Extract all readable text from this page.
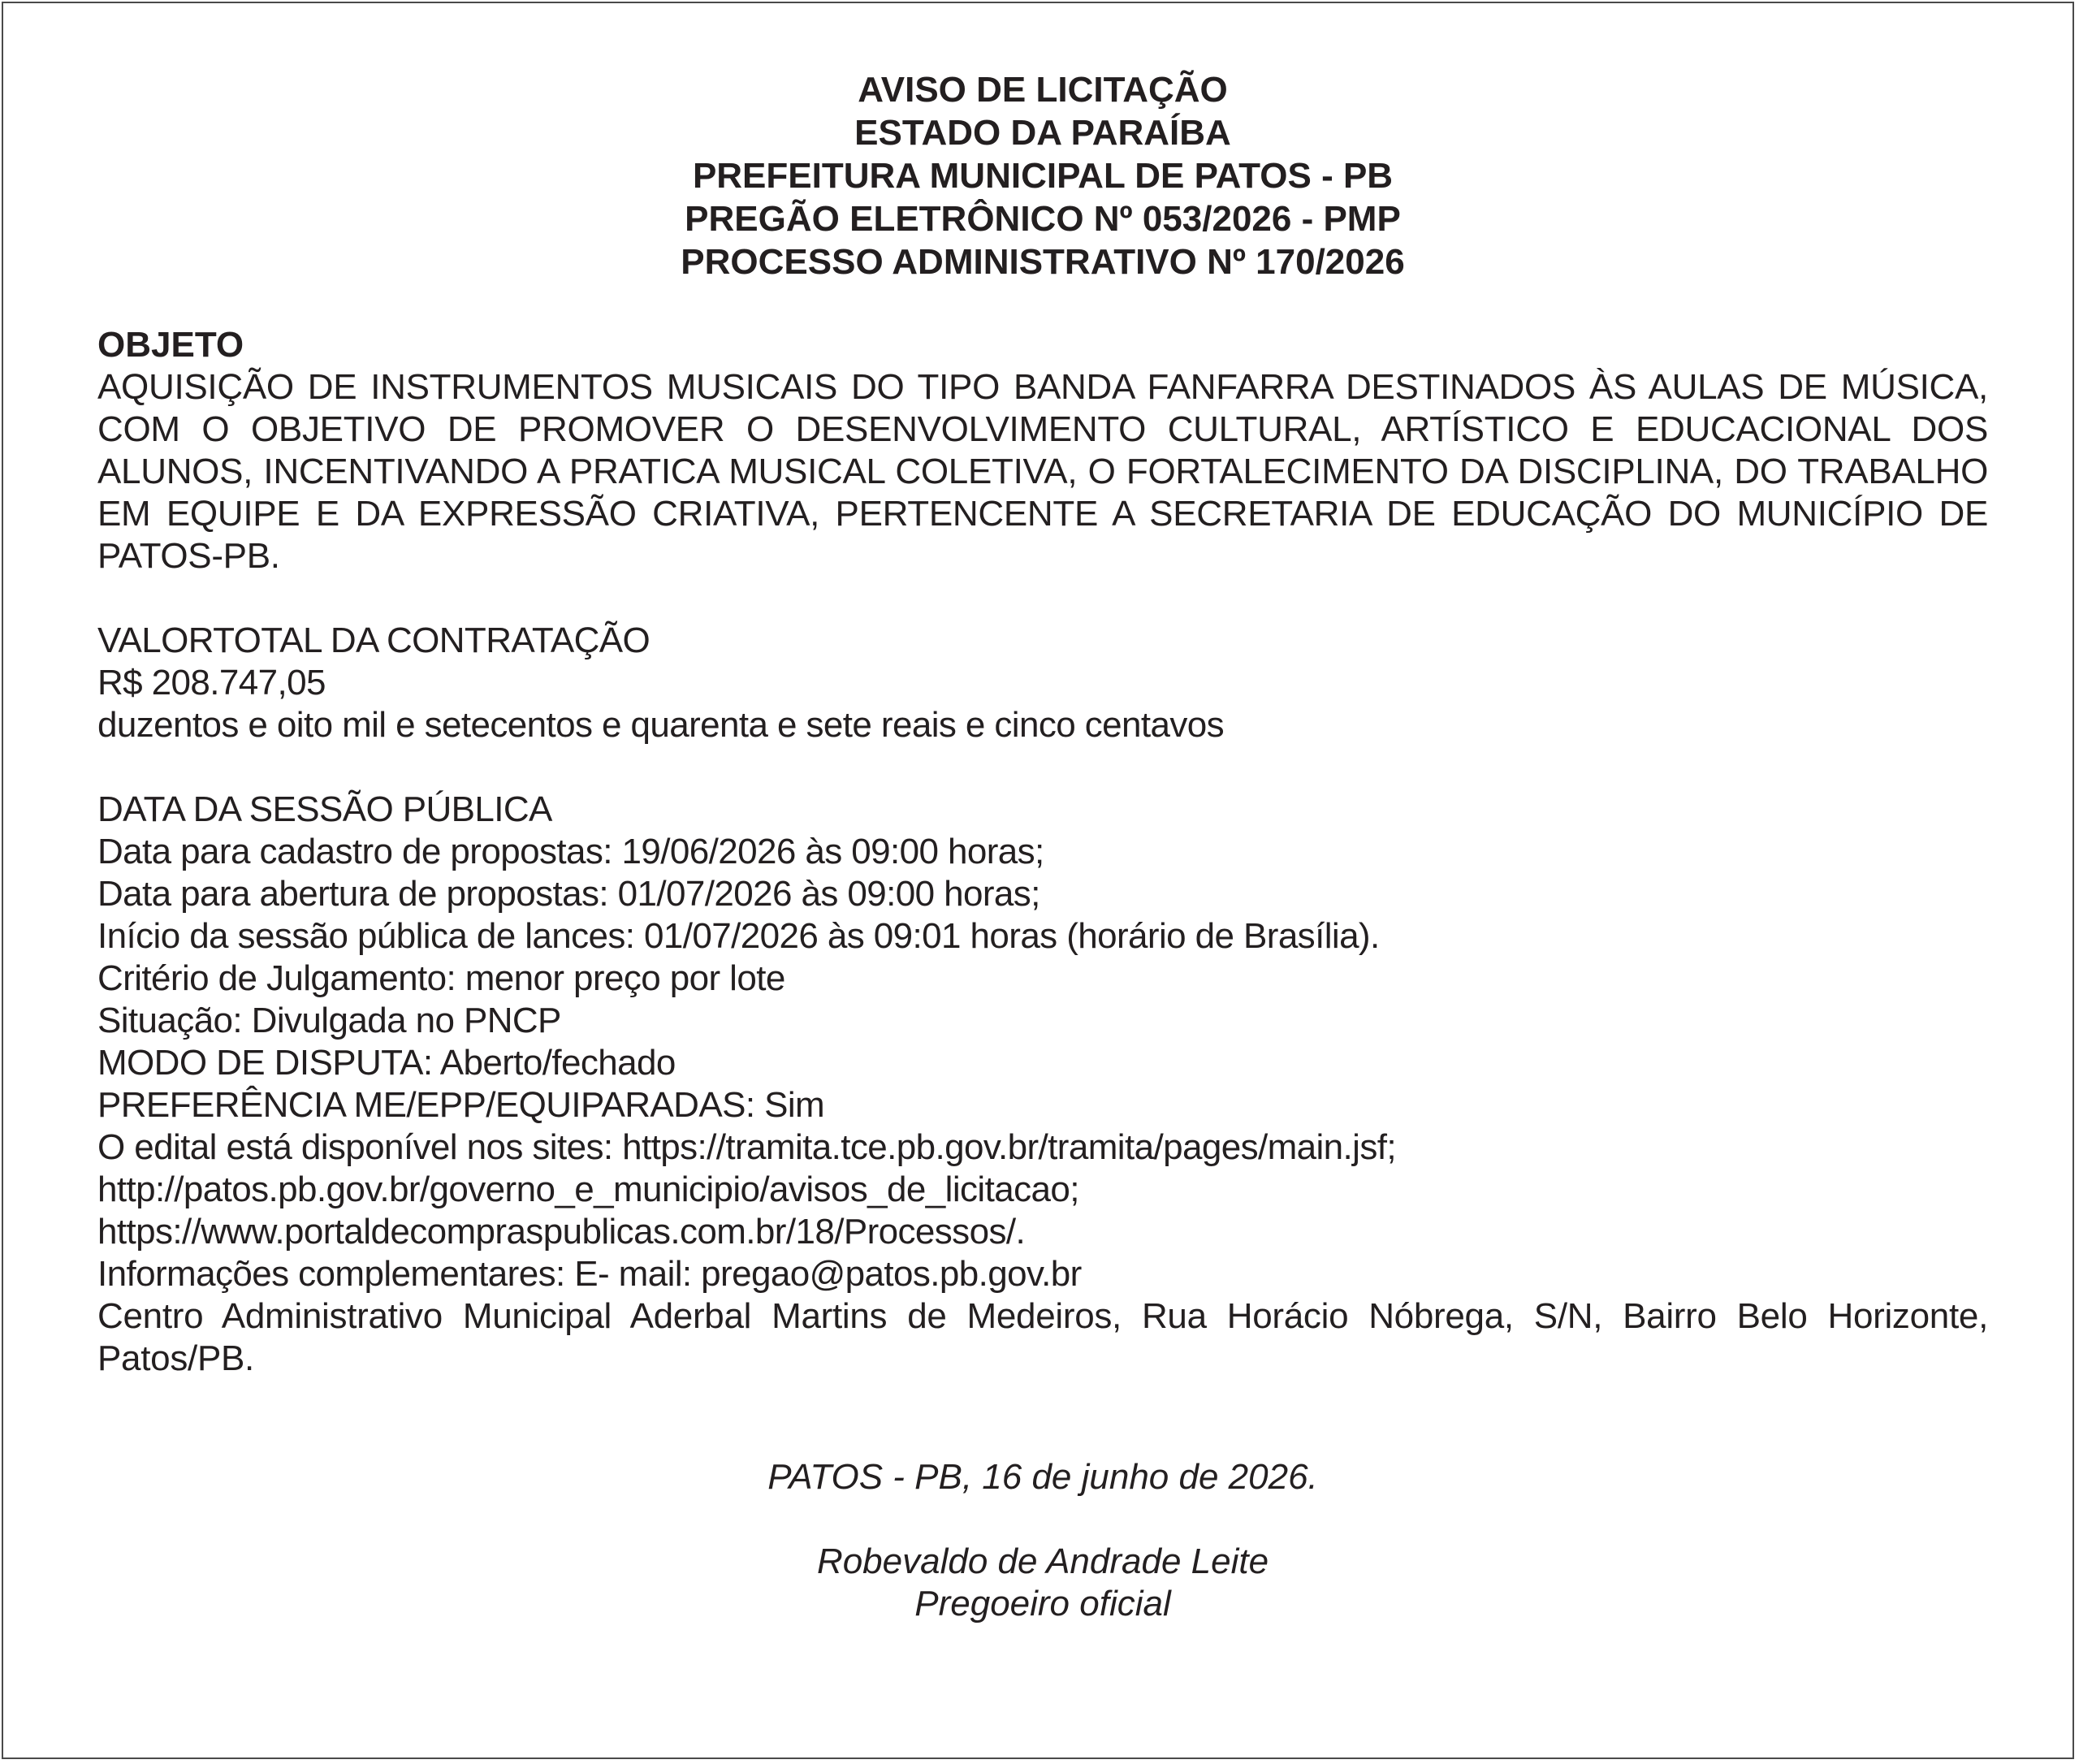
AVISO DE LICITAÇÃO
ESTADO DA PARAÍBA
PREFEITURA MUNICIPAL DE PATOS - PB
PREGÃO ELETRÔNICO Nº 053/2026 - PMP
PROCESSO ADMINISTRATIVO Nº 170/2026
OBJETO
AQUISIÇÃO DE INSTRUMENTOS MUSICAIS DO TIPO BANDA FANFARRA DESTINADOS ÀS AULAS DE MÚSICA, COM O OBJETIVO DE PROMOVER O DESENVOLVIMENTO CULTURAL, ARTÍSTICO E EDUCACIONAL DOS ALUNOS, INCENTIVANDO A PRATICA MUSICAL COLETIVA, O FORTALECIMENTO DA DISCIPLINA, DO TRABALHO EM EQUIPE E DA EXPRESSÃO CRIATIVA, PERTENCENTE A SECRETARIA DE EDUCAÇÃO DO MUNICÍPIO DE PATOS-PB.
VALORTOTAL DA CONTRATAÇÃO
R$ 208.747,05
duzentos e oito mil e setecentos e quarenta e sete reais e cinco centavos
DATA DA SESSÃO PÚBLICA
Data para cadastro de propostas: 19/06/2026 às 09:00 horas;
Data para abertura de propostas: 01/07/2026 às 09:00 horas;
Início da sessão pública de lances: 01/07/2026 às 09:01 horas (horário de Brasília).
Critério de Julgamento: menor preço por lote
Situação: Divulgada no PNCP
MODO DE DISPUTA: Aberto/fechado
PREFERÊNCIA ME/EPP/EQUIPARADAS: Sim
O edital está disponível nos sites: https://tramita.tce.pb.gov.br/tramita/pages/main.jsf;
http://patos.pb.gov.br/governo_e_municipio/avisos_de_licitacao;
https://www.portaldecompraspublicas.com.br/18/Processos/.
Informações complementares: E- mail: pregao@patos.pb.gov.br
Centro Administrativo Municipal Aderbal Martins de Medeiros, Rua Horácio Nóbrega, S/N, Bairro Belo Horizonte, Patos/PB.
PATOS - PB, 16 de junho de 2026.
Robevaldo de Andrade Leite
Pregoeiro oficial
